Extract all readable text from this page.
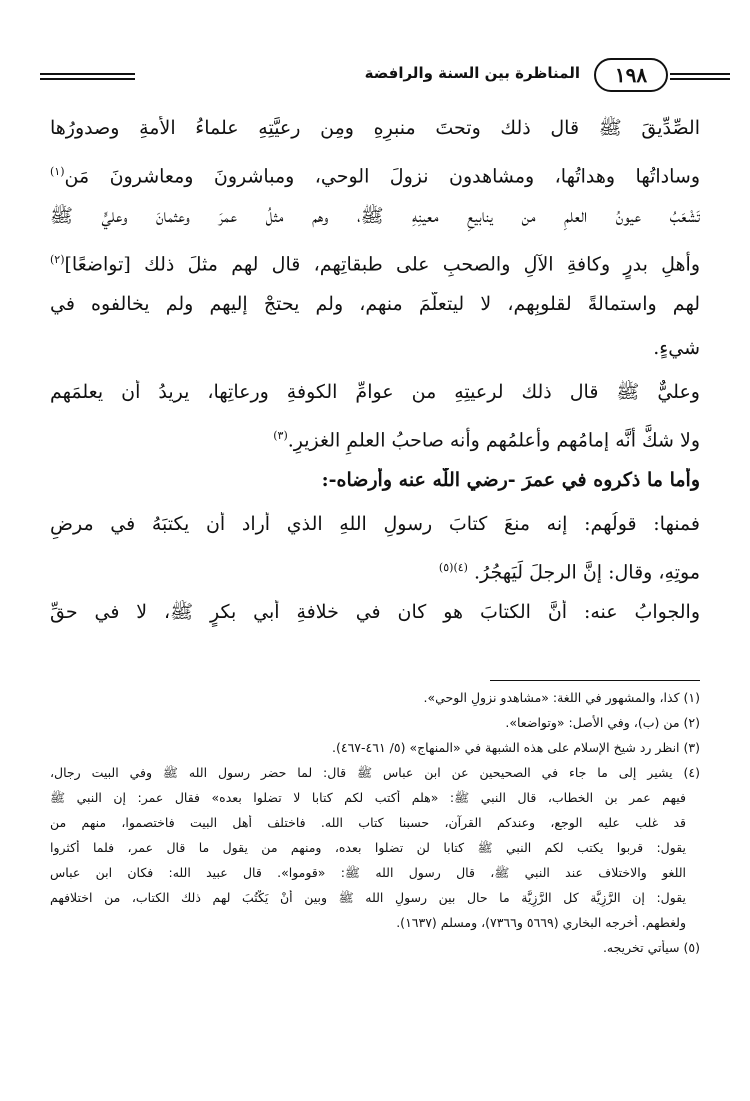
١٩٨
المناظرة بين السنة والرافضة
الصِّدِّيقَ ﷺ قال ذلك وتحتَ منبرِهِ ومِن رعيَّتِهِ علماءُ الأمةِ وصدورُها
وساداتُها وهداتُها، ومشاهدون نزولَ الوحي، ومباشرونَ ومعاشرونَ مَن$^{(١)}$
تَشْعَبُ عيونُ العلمِ من ينابيعِ معينِهِ ﷺ، وهم مثلُ عمرَ وعثمانَ وعليٍّ ﷺ
وأهلِ بدرٍ وكافةِ الآلِ والصحبِ على طبقاتِهم، قال لهم مثلَ ذلك [تواضعًا]$^{(٢)}$
لهم واستمالةً لقلوبِهم، لا ليتعلَّمَ منهم، ولم يحتجْ إليهم ولم يخالفوه في
شيءٍ.
وعليٌّ ﷺ قال ذلك لرعيتِهِ من عوامِّ الكوفةِ ورعاتِها، يريدُ أن يعلمَهم
ولا شكَّ أنَّه إمامُهم وأعلمُهم وأنه صاحبُ العلمِ الغزيرِ.$^{(٣)}$
وأما ما ذكروه في عمرَ -رضي اللّٰه عنه وأرضاه-:
فمنها: قولُهم: إنه منعَ كتابَ رسولِ اللهِ الذي أراد أن يكتبَهُ في مرضِ
موتِهِ، وقال: إنَّ الرجلَ لَيَهجُرُ. $^{(٤)(٥)}$
والجوابُ عنه: أنَّ الكتابَ هو كان في خلافةِ أبي بكرٍ ﷺ، لا في حقِّ
(١) كذا، والمشهور في اللغة: «مشاهدو نزولِ الوحي».
(٢) من (ب)، وفي الأصل: «وتواضعا».
(٣) انظر رد شيخ الإسلام على هذه الشبهة في «المنهاج» (٥/ ٤٦١-٤٦٧).
(٤) يشير إلى ما جاء في الصحيحين عن ابن عباس ﷺ قال: لما حضر رسول الله ﷺ وفي البيت رجال،
فيهم عمر بن الخطاب، قال النبي ﷺ: «هلم أكتب لكم كتابا لا تضلوا بعده» فقال عمر: إن النبي ﷺ
قد غلب عليه الوجع، وعندكم القرآن، حسبنا كتاب الله. فاختلف أهل البيت فاختصموا، منهم من
يقول: قربوا يكتب لكم النبي ﷺ كتابا لن تضلوا بعده، ومنهم من يقول ما قال عمر، فلما أكثروا
اللغو والاختلاف عند النبي ﷺ، قال رسول الله ﷺ: «قوموا». قال عبيد الله: فكان ابن عباس
يقول: إن الرَّزِيَّة كل الرَّزِيَّة ما حال بين رسولِ الله ﷺ وبين أنْ يَكْتُبَ لهم ذلك الكتاب، من اختلافهم
ولغطهم. أخرجه البخاري (٥٦٦٩ و٧٣٦٦)، ومسلم (١٦٣٧).
(٥) سيأتي تخريجه.
